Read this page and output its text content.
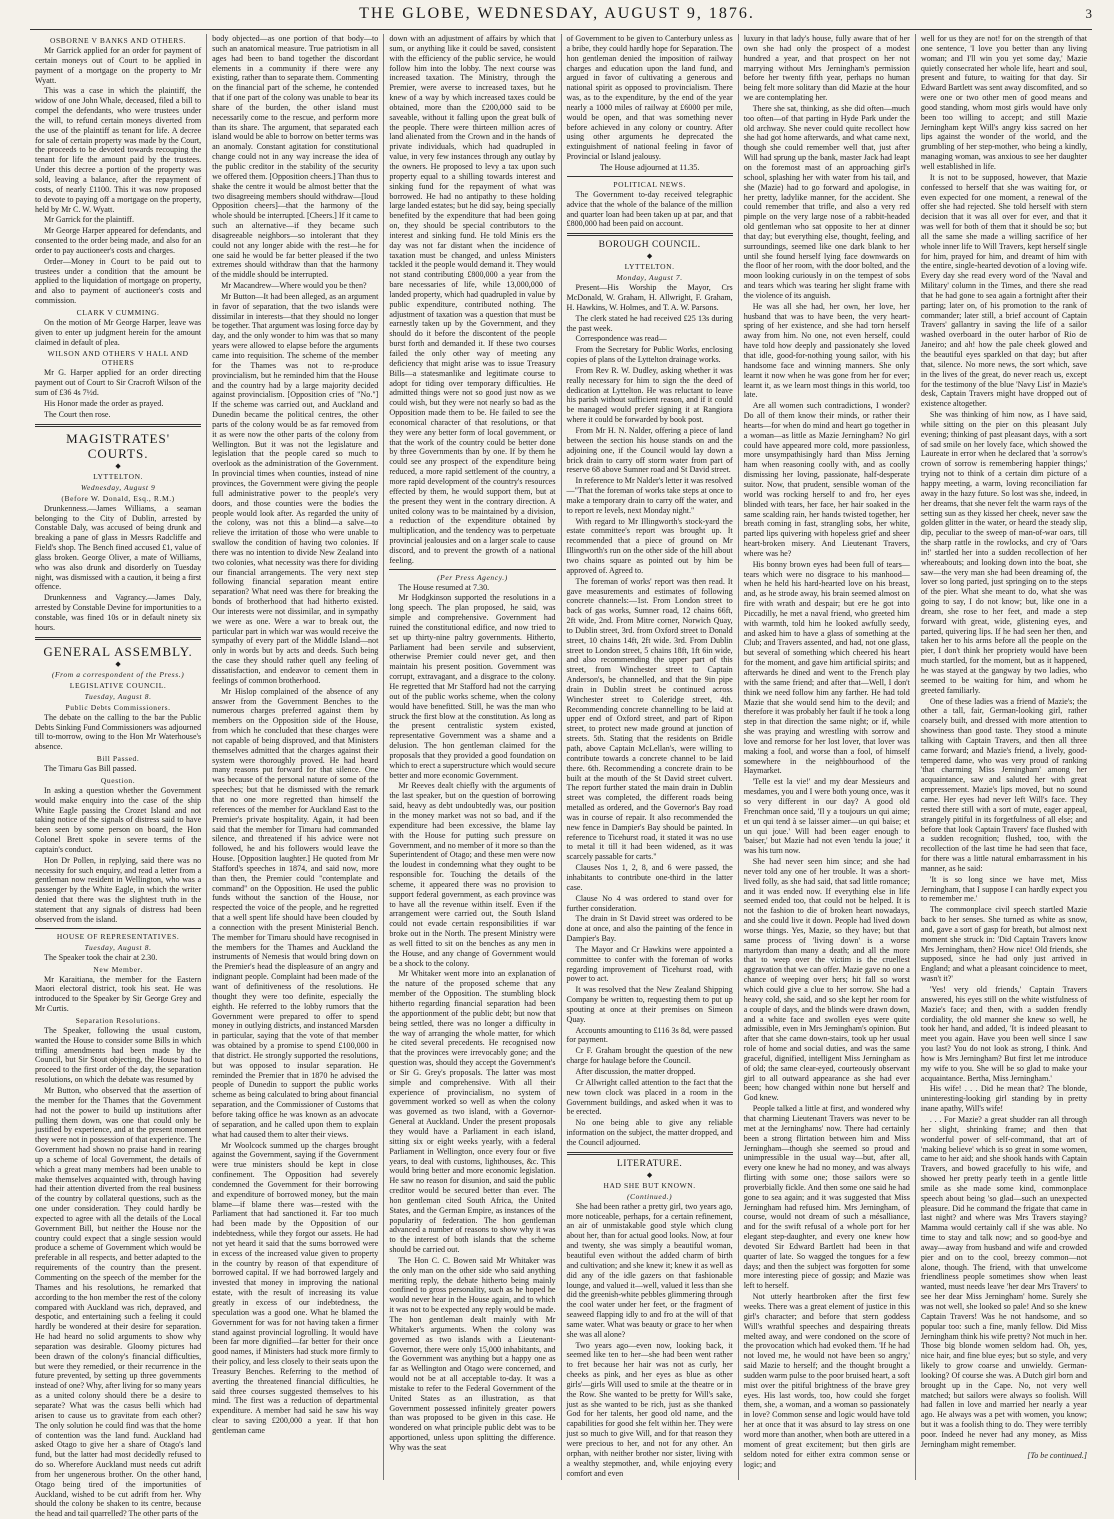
THE GLOBE, WEDNESDAY, AUGUST 9, 1876.	3
OSBORNE V BANKS AND OTHERS.

Mr Garrick applied for an order for payment of certain moneys out of Court to be applied in payment of a mortgage on the property to Mr Wyatt.

This was a case in which the plaintiff, the widow of one John Whale, deceased, filed a bill to compel the defendants, who were trustees under the will, to refund certain moneys diverted from the use of the plaintiff as tenant for life. A decree for sale of certain property was made by the Court, the proceeds to be devoted towards recouping the tenant for life the amount paid by the trustees. Under this decree a portion of the property was sold, leaving a balance, after the repayment of costs, of nearly £1100. This it was now proposed to devote to paying off a mortgage on the property, held by Mr C. W. Wyatt.

Mr Garrick for the plaintiff.

Mr George Harper appeared for defendants, and consented to the order being made, and also for an order to pay auctioneer's costs and charges.

Order—Money in Court to be paid out to trustees under a condition that the amount be applied to the liquidation of mortgage on property, and also to payment of auctioneer's costs and commission.

CLARK V CUMMING.

On the motion of Mr George Harper, leave was given to enter up judgment herein for the amount claimed in default of plea.

WILSON AND OTHERS V HALL AND OTHERS

Mr G. Harper applied for an order directing payment out of Court to Sir Cracroft Wilson of the sum of £36 4s 7½d.

His Honor made the order as prayed.

The Court then rose.

MAGISTRATES' COURTS.
◆
LYTTELTON.
Wednesday, August 9
(Before W. Donald, Esq., R.M.)

Drunkenness.—James Williams, a seaman belonging to the City of Dublin, arrested by Constable Daly, was accused of being drunk and breaking a pane of glass in Messrs Radcliffe and Field's shop. The Bench fined accused £1, value of glass broken. George Oliver, a mate of Williams, who was also drunk and disorderly on Tuesday night, was dismissed with a caution, it being a first offence.

Drunkenness and Vagrancy.—James Daly, arrested by Constable Devine for importunities to a constable, was fined 10s or in default ninety six hours.

GENERAL ASSEMBLY.
◆
(From a correspondent of the Press.)
LEGISLATIVE COUNCIL.
Tuesday, August 8.
Public Debts Commissioners.

The debate on the calling to the bar the Public Debts Sinking Fund Commissioners was adjourned till to-morrow, owing to the Hon Mr Waterhouse's absence.

Bill Passed.

The Timaru Gas Bill passed.

Question.

In asking a question whether the Government would make enquiry into the case of the ship White Eagle passing the Crozet Island and not taking notice of the signals of distress said to have been seen by some person on board, the Hon Colonel Brett spoke in severe terms of the captain's conduct.

Hon Dr Pollen, in replying, said there was no necessity for such enquiry, and read a letter from a gentleman now resident in Wellington, who was a passenger by the White Eagle, in which the writer denied that there was the slightest truth in the statement that any signals of distress had been observed from the island.

HOUSE OF REPRESENTATIVES.
Tuesday, August 8.

The Speaker took the chair at 2.30.

New Member.

Mr Karaitiana, the member for the Eastern Maori electoral district, took his seat. He was introduced to the Speaker by Sir George Grey and Mr Curtis.

Separation Resolutions.

The Speaker, following the usual custom, wanted the House to consider some Bills in which trifling amendments had been made by the Council, but Sir Stout objecting, the House had to proceed to the first order of the day, the separation resolutions, on which the debate was resumed by

Mr Button, who observed that the assertion of the member for the Thames that the Government had not the power to build up institutions after pulling them down, was one that could only be justified by experience, and at the present moment they were not in possession of that experience. The Government had shown no praise hand in rearing up a scheme of local Government, the details of which a great many members had been unable to make themselves acquainted with, through having had their attention diverted from the real business of the country by collateral questions, such as the one under consideration. They could hardly be expected to agree with all the details of the Local Government Bill, but neither the House nor the country could expect that a single session would produce a scheme of Government which would be preferable in all respects, and better adapted to the requirements of the country than the present. Commenting on the speech of the member for the Thames and his resolutions, he remarked that according to the hon member the rest of the colony compared with Auckland was rich, depraved, and despotic, and entertaining such a feeling it could hardly be wondered at their desire for separation. He had heard no solid arguments to show why separation was desirable. Gloomy pictures had been drawn of the colony's financial difficulties, but were they remedied, or their recurrence in the future prevented, by setting up three governments instead of one? Why, after living for so many years as a united colony should there be a desire to separate? What was the casus belli which had arisen to cause us to gravitate from each other? The only solution he could find was that the home of contention was the land fund. Auckland had asked Otago to give her a share of Otago's land fund, but the latter had most decidedly refused to do so. Wherefore Auckland must needs cut adrift from her ungenerous brother. On the other hand, Otago being tired of the importunities of Auckland, wished to be cut adrift from her. Why should the colony be shaken to its centre, because the head and tail quarrelled? The other parts of the

body objected—as one portion of that body—to such an anatomical measure. True patriotism in all ages had been to band together the discordant elements in a community if there were any existing, rather than to separate them. Commenting on the financial part of the scheme, he contended that if one part of the colony was unable to bear its share of the burden, the other island must necessarily come to the rescue, and perform more than its share. The argument, that separated each island would be able to borrow on better terms was an anomaly. Constant agitation for constitutional change could not in any way increase the idea of the public creditor in the stability of the security we offered them. [Opposition cheers.] Than thus to shake the centre it would be almost better that the two disagreeing members should withdraw—[loud Opposition cheers]—that the harmony of the whole should be interrupted. [Cheers.] If it came to such an alternative—if they became such disagreeable neighbors—so intolerant that they could not any longer abide with the rest—he for one said he would be far better pleased if the two extremes should withdraw than that the harmony of the middle should be interrupted.

Mr Macandrew—Where would you be then?

Mr Button—It had been alleged, as an argument in favor of separation, that the two islands were dissimilar in interests—that they should no longer be together. That argument was losing force day by day, and the only wonder to him was that so many years were allowed to elapse before the arguments came into requisition. The scheme of the member for the Thames was not to re-produce provincialism, but he reminded him that the House and the country had by a large majority decided against provincialism. [Opposition cries of "No."] If the scheme was carried out, and Auckland and Dunedin became the political centres, the other parts of the colony would be as far removed from it as were now the other parts of the colony from Wellington. But it was not the legislature and legislation that the people cared so much to overlook as the administration of the Government. In provincial times when counties, instead of nine provinces, the Government were giving the people full administrative power to the people's very doors, and those counties were the bodies the people would look after. As regarded the unity of the colony, was not this a blind—a salve—to relieve the irritation of those who were unable to swallow the condition of having two colonies. If there was no intention to divide New Zealand into two colonies, what necessity was there for dividing our financial arrangements. The very next step following financial separation meant entire separation? What need was there for breaking the bonds of brotherhood that had hitherto existed. Our interests were not dissimilar, and in sympathy we were as one. Were a war to break out, the particular part in which war was would receive the sympathy of every part of the Middle Island—not only in words but by acts and deeds. Such being the case they should rather quell any feeling of dissatisfaction, and endeavor to cement them in feelings of common brotherhood.

Mr Hislop complained of the absence of any answer from the Government Benches to the numerous charges preferred against them by members on the Opposition side of the House, from which he concluded that these charges were not capable of being disproved, and that Ministers themselves admitted that the charges against their system were thoroughly proved. He had heard many reasons put forward for that silence. One was because of the personal nature of some of the speeches; but that he dismissed with the remark that no one more regretted than himself the references of the member for Auckland East to the Premier's private hospitality. Again, it had been said that the member for Timaru had commanded silence, and threatened if his advice were not followed, he and his followers would leave the House. [Opposition laughter.] He quoted from Mr Stafford's speeches in 1874, and said now, more than then, the Premier could "contemplate and command" on the Opposition. He used the public funds without the sanction of the House, nor respected the voice of the people, and he regretted that a well spent life should have been clouded by a connection with the present Ministerial Bench. The member for Timaru should have recognised in the members for the Thames and Auckland the instruments of Nemesis that would bring down on the Premier's head the displeasure of an angry and indignant people. Complaint had been made of the want of definitiveness of the resolutions. He thought they were too definite, especially the eighth. He referred to the lobby rumors that the Government were prepared to offer to spend money in outlying districts, and instanced Marsden in particular, saying that the vote of that member was obtained by a promise to spend £100,000 in that district. He strongly supported the resolutions, but was opposed to insular separation. He reminded the Premier that in 1870 he advised the people of Dunedin to support the public works scheme as being calculated to bring about financial separation, and the Commissioner of Customs that before taking office he was known as an advocate of separation, and he called upon them to explain what had caused them to alter their views.

Mr Woolcock summed up the charges brought against the Government, saying if the Government were true ministers should be kept in close confinement. The Opposition had severely condemned the Government for their borrowing and expenditure of borrowed money, but the main blame—if blame there was—rested with the Parliament that had sanctioned it. Far too much had been made by the Opposition of our indebtedness, while they forgot our assets. He had not yet heard it said that the sums borrowed were in excess of the increased value given to property in the country by reason of that expenditure of borrowed capital. If we had borrowed largely and invested that money in improving the national estate, with the result of increasing its value greatly in excess of our indebtedness, the speculation was a good one. What he blamed the Government for was for not having taken a firmer stand against provincial logrolling. It would have been far more dignified—far better for their once good names, if Ministers had stuck more firmly to their policy, and less closely to their seats upon the Treasury Benches. Referring to the method of averting the threatened financial difficulties, he said three courses suggested themselves to his mind. The first was a reduction of departmental expenditure. A member had said he saw his way clear to saving £200,000 a year. If that hon gentleman came

down with an adjustment of affairs by which that sum, or anything like it could be saved, consistent with the efficiency of the public service, he would follow him into the lobby. The next course was increased taxation. The Ministry, through the Premier, were averse to increased taxes, but he knew of a way by which increased taxes could be obtained, more than the £200,000 said to be saveable, without it falling upon the great bulk of the people. There were thirteen million acres of land alienated from the Crown and in the hands of private individuals, which had quadrupled in value, in very few instances through any outlay by the owners. He proposed to levy a tax upon such property equal to a shilling towards interest and sinking fund for the repayment of what was borrowed. He had no antipathy to these holding large landed estates; but he did say, being specially benefited by the expenditure that had been going on, they should be special contributors to the interest and sinking fund. He told Minis ers the day was not far distant when the incidence of taxation must be changed, and unless Ministers tackled it the people would demand it. They would not stand contributing £800,000 a year from the bare necessaries of life, while 13,000,000 of landed property, which had quadrupled in value by public expenditure, contributed nothing. The adjustment of taxation was a question that must be earnestly taken up by the Government, and they should do it before the discontent of the people burst forth and demanded it. If these two courses failed the only other way of meeting any deficiency that might arise was to issue Treasury Bills—a statesmanlike and legitimate course to adopt for tiding over temporary difficulties. He admitted things were not so good just now as we could wish, but they were not nearly so bad as the Opposition made them to be. He failed to see the economical character of that resolutions, or that they were any better form of local government, or that the work of the country could be better done by three Governments than by one. If by them he could see any prospect of the expenditure being reduced, a more rapid settlement of the country, a more rapid development of the country's resources effected by them, he would support them, but at the present they went in the contrary direction. A united colony was to be maintained by a division, a reduction of the expenditure obtained by multiplication, and the tendency was to perpetuate provincial jealousies and on a larger scale to cause discord, and to prevent the growth of a national feeling.

(Per Press Agency.)

The House resumed at 7.30.

Mr Hodgkinson supported the resolutions in a long speech. The plan proposed, he said, was simple and comprehensive. Government had ruined the constitutional edifice, and now tried to set up thirty-nine paltry governments. Hitherto, Parliament had been servile and subservient, otherwise Premier could never get, and then maintain his present position. Government was corrupt, extravagant, and a disgrace to the colony. He regretted that Mr Stafford had not the carrying out of the public works scheme, when the colony would have benefitted. Still, he was the man who struck the first blow at the constitution. As long as the present centralistic system existed, representative Government was a shame and a delusion. The hon gentleman claimed for the proposals that they provided a good foundation on which to erect a superstructure which would secure better and more economic Government.

Mr Reeves dealt chiefly with the arguments of the last speaker, but on the question of borrowing said, heavy as debt undoubtedly was, our position in the money market was not so bad, and if the expenditure had been excessive, the blame lay with the House for putting such pressure on Government, and no member of it more so than the Superintendent of Otago; and these men were now the loudest in condemning what they ought to be responsible for. Touching the details of the scheme, it appeared there was no provision to support federal government, as each province was to have all the revenue within itself. Even if the arrangement were carried out, the South Island could not evade certain responsibilities if war broke out in the North. The present Ministry were as well fitted to sit on the benches as any men in the House, and any change of Government would be a shock to the colony.

Mr Whitaker went more into an explanation of the nature of the proposed scheme that any member of the Opposition. The stumbling block hitherto regarding financial separation had been the apportionment of the public debt; but now that being settled, there was no longer a difficulty in the way of arranging the whole matter, for which he cited several precedents. He recognised now that the provinces were irrevocably gone; and the question was, should they accept the Government's or Sir G. Grey's proposals. The latter was most simple and comprehensive. With all their experience of provincialism, no system of government worked so well as when the colony was governed as two island, with a Governor-General at Auckland. Under the present proposals they would have a Parliament in each island, sitting six or eight weeks yearly, with a federal Parliament in Wellington, once every four or five years, to deal with customs, lighthouses, &c. This would bring better and more economic legislation. He saw no reason for disunion, and said the public creditor would be secured better than ever. The hon gentleman cited South Africa, the United States, and the German Empire, as instances of the popularity of federation. The hon gentleman advanced a number of reasons to show why it was to the interest of both islands that the scheme should be carried out.

The Hon C. C. Bowen said Mr Whitaker was the only man on the other side who said anything meriting reply, the debate hitherto being mainly confined to gross personality, such as he hoped he would never hear in the House again, and to which it was not to be expected any reply would be made. The hon gentleman dealt mainly with Mr Whitaker's arguments. When the colony was governed as two islands with a Lieutenant-Governor, there were only 15,000 inhabitants, and the Government was anything but a happy one as far as Wellington and Otago were concerned, and would not be at all acceptable to-day. It was a mistake to refer to the Federal Government of the United States as an illustration, as that Government possessed infinitely greater powers than was proposed to be given in this case. He wondered on what principle public debt was to be apportioned, unless upon splitting the difference. Why was the seat

of Government to be given to Canterbury unless as a bribe, they could hardly hope for Separation. The hon gentleman denied the imposition of railway charges and education upon the land fund, and argued in favor of cultivating a generous and national spirit as opposed to provincialism. There was, as to the expenditure, by the end of the year nearly a 1000 miles of railway at £6000 per mile, would be open, and that was something never before achieved in any colony or country. After using other arguments he deprecated the extinguishment of national feeling in favor of Provincial or Island jealousy.

The House adjourned at 11.35.

POLITICAL NEWS.

The Government to-day received telegraphic advice that the whole of the balance of the million and quarter loan had been taken up at par, and that £800,000 had been paid on account.

BOROUGH COUNCIL.
◆
LYTTELTON.
Monday, August 7.

Present—His Worship the Mayor, Crs McDonald, W. Graham, H. Allwright, F. Graham, H. Hawkins, W. Holmes, and T. A. W. Parsons.

The clerk stated he had received £25 13s during the past week.

Correspondence was read—

From the Secretary for Public Works, enclosing copies of plans of the Lyttelton drainage works.

From Rev R. W. Dudley, asking whether it was really necessary for him to sign the the deed of dedication at Lyttelton. He was reluctant to leave his parish without sufficient reason, and if it could be managed would prefer signing it at Rangiora where it could be forwarded by book post.

From Mr H. N. Nalder, offering a piece of land between the section his house stands on and the adjoining one, if the Council would lay down a brick drain to carry off storm water from part of reserve 68 above Sumner road and St David street.

In reference to Mr Nalder's letter it was resolved—"That the foreman of works take steps at once to make a temporary drain to carry off the water, and to report re levels, next Monday night."

With regard to Mr Illingworth's stock-yard the estate committee's report was brought up. It recommended that a piece of ground on Mr Illingworth's run on the other side of the hill about two chains square as pointed out by him be approved of. Agreed to.

The foreman of works' report was then read. It gave measurements and estimates of following concrete channels:—1st. From London street to back of gas works, Sumner road, 12 chains 66ft, 2ft wide, 2nd. From Mitre corner, Norwich Quay, to Dublin street, 3rd. from Oxford street to Donald street, 10 chains 14ft, 2ft wide. 3rd. From Dublin street to London street, 5 chains 18ft, 1ft 6in wide, and also recommending the upper part of this street, from Winchester street to Captain Anderson's, be channelled, and that the 9in pipe drain in Dublin street be continued across Winchester street to Coleridge street, 4th. Recommending concrete channelling to be laid at upper end of Oxford street, and part of Ripon street, to protect new made ground at junction of streets. 5th. Stating that the residents on Bridle path, above Captain McLellan's, were willing to contribute towards a concrete channel to be laid there. 6th. Recommending a concrete drain to be built at the mouth of the St David street culvert. The report further stated the main drain in Dublin street was completed, the different roads being metalled as ordered, and the Governor's Bay road was in course of repair. It also recommended the new fence in Dampier's Bay should be painted. In reference to Ticehurst road, it stated it was no use to metal it till it had been widened, as it was scarcely passable for carts."

Clauses Nos 1, 2, 8, and 6 were passed, the inhabitants to contribute one-third in the latter case.

Clause No 4 was ordered to stand over for further consideration.

The drain in St David street was ordered to be done at once, and also the painting of the fence in Dampier's Bay.

The Mayor and Cr Hawkins were appointed a committee to confer with the foreman of works regarding improvement of Ticehurst road, with power to act.

It was resolved that the New Zealand Shipping Company be written to, requesting them to put up spouting at once at their premises on Simeon Quay.

Accounts amounting to £116 3s 8d, were passed for payment.

Cr F. Graham brought the question of the new charge for haulage before the Council.

After discussion, the matter dropped.

Cr Allwright called attention to the fact that the new town clock was placed in a room in the Government buildings, and asked when it was to be erected.

No one being able to give any reliable information on the subject, the matter dropped, and the Council adjourned.

LITERATURE.
◆
HAD SHE BUT KNOWN.
(Continued.)

She had been rather a pretty girl, two years ago, more noticeable, perhaps, for a certain refinement, an air of unmistakable good style which clung about her, than for actual good looks. Now, at four and twenty, she was simply a beautiful woman, beautiful even without the added charm of birth and cultivation; and she knew it; knew it as well as did any of the idle gazers on that fashionable lounge, and valued it—well, valued it less than she did the greenish-white pebbles glimmering through the cool water under her feet, or the fragment of seaweed flapping idly to and fro at the will of that same water. What was beauty or grace to her when she was all alone?

Two years ago—even now, looking back, it seemed like ten to her—she had been went rather to fret because her hair was not as curly, her cheeks as pink, and her eyes as blue as other girls'—girls Will used to smile at the theatre or in the Row. She wanted to be pretty for Will's sake, just as she wanted to be rich, just as she thanked God for her talents, her good old name, and the capabilities for good she felt within her. They were just so much to give Will, and for that reason they were precious to her, and not for any other. An orphan, with neither brother nor sister, living with a wealthy stepmother, and, while enjoying every comfort and even

luxury in that lady's house, fully aware that of her own she had only the prospect of a modest hundred a year, and that prospect on her not marrying without Mrs Jerningham's permission before her twenty fifth year, perhaps no human being felt more solitary than did Mazie at the hour we are contemplating her.

There she sat, thinking, as she did often—much too often—of that parting in Hyde Park under the old archway. She never could quite recollect how she had got home afterwards, and what came next, though she could remember well that, just after Will had sprung up the bank, master Jack had leapt on the foremost mast of an approaching girl's school, splashing her with water from his tail, and she (Mazie) had to go forward and apologise, in her pretty, ladylike manner, for the accident. She could remember that trifle, and also a very red pimple on the very large nose of a rabbit-headed old gentleman who sat opposite to her at dinner that day; but everything else, thought, feeling, and surroundings, seemed like one dark blank to her until she found herself lying face downwards on the floor of her room, with the door bolted, and the moon looking curiously in on the tempest of sobs and tears which was tearing her slight frame with the violence of its anguish.

He was all she had, her own, her love, her husband that was to have been, the very heart-spring of her existence, and she had torn herself away from him. No one, not even herself, could have told how deeply and passionately she loved that idle, good-for-nothing young sailor, with his handsome face and winning manners. She only learnt it now when he was gone from her for ever; learnt it, as we learn most things in this world, too late.

Are all women such contradictions, I wonder? Do all of them know their minds, or rather their hearts—for when do mind and heart go together in a woman—as little as Mazie Jerningham? No girl could have appeared more cold, more passionless, more unsympathisingly hard than Miss Jerning ham when reasoning coolly with, and as coolly dismissing her loving, passionate, half-desperate suitor. Now, that prudent, sensible woman of the world was rocking herself to and fro, her eyes blinded with tears, her face, her hair soaked in the same scalding rain, her hands twisted together, her breath coming in fast, strangling sobs, her white, parted lips quivering with hopeless grief and sheer heart-broken misery. And Lieutenant Travers, where was he?

His bonny brown eyes had been full of tears—tears which were no disgrace to his manhood—when he held his hard-hearted love on his breast, and, as he strode away, his brain seemed almost on fire with wrath and despair; but ere he got into Piccadilly, he met a naval friend, who greeted him with warmth, told him he looked awfully seedy, and asked him to have a glass of something at the Club; and Travers assented, and had, not one glass, but several of something which cheered his heart for the moment, and gave him artificial spirits; and afterwards he dined and went to the French play with the same friend; and after that—Well, I don't think we need follow him any farther. He had told Mazie that she would send him to the devil; and therefore it was probably her fault if he took a long step in that direction the same night; or if, while she was praying and wrestling with sorrow and love and remorse for her lost lover, that lover was making a fool, and worse than a fool, of himself somewhere in the neighbourhood of the Haymarket.

'Telle est la vie!' and my dear Messieurs and mesdames, you and I were both young once, was it so very different in our day? A good old Frenchman once said, 'Il y a toujours un qui aime; et un qui tend à se laisser aimer—un qui baise; et un qui joue.' Will had been eager enough to 'baiser,' but Mazie had not even 'tendu la joue;' it was his turn now.

She had never seen him since; and she had never told any one of her trouble. It was a short-lived folly, as she had said, that sad little romance; and it was ended now. If everything else in life seemed ended too, that could not be helped. It is not the fashion to die of broken heart nowadays, and she could live it down. People had lived down worse things. Yes, Mazie, so they have; but that same process of 'living down' is a worse martyrdom than many a death; and all the more that to weep over the victim is the cruellest aggravation that we can offer. Mazie gave no one a chance of weeping over hers; hit fall so worst which could give a clue to her sorrow. She had a heavy cold, she said, and so she kept her room for a couple of days, and the blinds were drawn down, and a white face and swollen eyes were quite admissible, even in Mrs Jerningham's opinion. But after that she came down-stairs, took up her usual role of home and social duties, and was the same graceful, dignified, intelligent Miss Jerningham as of old; the same clear-eyed, courteously observant girl to all outward appearance as she had ever been; how changed within none but herself and God knew.

People talked a little at first, and wondered why that charming Lieutenant Travers was never to be met at the Jerninghams' now. There had certainly been a strong flirtation between him and Miss Jerningham—though she seemed so proud and unimpressible in the usual way—but, after all, every one knew he had no money, and was always flirting with some one; those sailors were so proverbially fickle. And then some one said he had gone to sea again; and it was suggested that Miss Jerningham had refused him. Mrs Jerningham, of course, would not dream of such a mésalliance, and for the swift refusal of a whole port for her elegant step-daughter, and every one knew how devoted Sir Edward Bartlett had been in that quarter of late. So wagged the tongues for a few days; and then the subject was forgotten for some more interesting piece of gossip; and Mazie was left to herself.

Not utterly heartbroken after the first few weeks. There was a great element of justice in this girl's character; and before that stern goddess Will's wrathful speeches and despairing threats melted away, and were condoned on the score of the provocation which had evoked them. 'If he had not loved me, he would not have been so angry,' said Mazie to herself; and the thought brought a sudden warm pulse to the poor bruised heart, a soft mist over the pitiful brightness of the brave grey eyes. His last words, too, how could she forget them, she, a woman, and a woman so passionately in love? Common sense and logic would have told her at once that it was absurd to lay stress on one word more than another, when both are uttered in a moment of great excitement; but then girls are seldom noted for either extra common sense or logic; and

well for us they are not! for on the strength of that one sentence, 'I love you better than any living woman; and I'll win you yet some day,' Mazie quietly consecrated her whole life, heart and soul, present and future, to waiting for that day. Sir Edward Bartlett was sent away discomfited, and so were one or two other men of good means and good standing, whom most girls would have only been too willing to accept; and still Mazie Jerningham kept Will's angry kiss sacred on her lips against the wonder of the world, and the grumbling of her step-mother, who being a kindly, managing woman, was anxious to see her daughter well established in life.

It is not to be supposed, however, that Mazie confessed to herself that she was waiting for, or even expected for one moment, a renewal of the offer she had rejected. She told herself with stern decision that it was all over for ever, and that it was well for both of them that it should be so; but all the same she made a willing sacrifice of her whole inner life to Will Travers, kept herself single for him, prayed for him, and dreamt of him with the entire, single-hearted devotion of a loving wife. Every day she read every word of the 'Naval and Military' column in the Times, and there she read that he had gone to sea again a fortnight after their parting; later on, of his promotion to the rank of commander; later still, a brief account of Captain Travers' gallantry in saving the life of a sailor washed overboard in the outer harbor of Rio de Janeiro; and ah! how the pale cheek glowed and the beautiful eyes sparkled on that day; but after that, silence. No more news, the sort which, save in the lives of the great, do never reach us, except for the testimony of the blue 'Navy List' in Mazie's desk, Captain Travers might have dropped out of existence altogether.

She was thinking of him now, as I have said, while sitting on the pier on this pleasant July evening; thinking of past pleasant days, with a sort of sad smile on her lovely face, which showed the Laureate in error when he declared that 'a sorrow's crown of sorrow is remembering happier things;' trying not to think of a certain dim picture of a happy meeting, a warm, loving reconciliation far away in the hazy future. So lost was she, indeed, in her dreams, that she never felt the warm rays of the setting sun as they kissed her cheek, never saw the golden glitter in the water, or heard the steady slip, dip, peculiar to the sweep of man-of-war oars, till the sharp rattle in the rowlocks, and cry of 'Oars in!' startled her into a sudden recollection of her whereabouts; and looking down into the boat, she saw—the very man she had been dreaming of, the lover so long parted, just springing on to the steps of the pier. What she meant to do, what she was going to say, I do not know; but, like one in a dream, she rose to her feet, and made a step forward with great, wide, glistening eyes, and parted, quivering lips. If he had seen her then, and taken her to his arms before all the people on the pier, I don't think her propriety would have been much startled, for the moment, but as it happened, he was stayed at the gangway by two ladies, who seemed to be waiting for him, and whom he greeted familiarly.

One of these ladies was a friend of Mazie's; the other a tall, fair, German-looking girl, rather coarsely built, and dressed with more attention to showiness than good taste. They stood a minute talking with Captain Travers, and then all three came forward; and Mazie's friend, a lively, good-tempered dame, who was very proud of ranking 'that charming Miss Jerningham' among her acquaintance, saw and saluted her with great empressement. Mazie's lips moved, but no sound came. Her eyes had never left Will's face. They rested there still with a sort of mute, eager appeal, strangely pitiful in its forgetfulness of all else; and before that look Captain Travers' face flushed with a sudden recognition; flushed, too, with the recollection of the last time he had seen that face, for there was a little natural embarrassment in his manner, as he said:

'It is so long since we have met, Miss Jerningham, that I suppose I can hardly expect you to remember me.'

The commonplace civil speech startled Mazie back to her senses. She turned as white as snow, and, gave a sort of gasp for breath, but almost next moment she struck in: 'Did Captain Travers know Mrs Jerningham, then? How nice! Old friends, she supposed, since he had only just arrived in England; and what a pleasant coincidence to meet, wasn't it?'

'Yes! very old friends,' Captain Travers answered, his eyes still on the white wistfulness of Mazie's face; and then, with a sudden frendly cordiality, the old manner she knew so well, he took her hand, and added, 'It is indeed pleasant to meet you again. Have you been well since I saw you last? You do not look as strong, I think. And how is Mrs Jerningham? But first let me introduce my wife to you. She will be so glad to make your acquaintance. Bertha, Miss Jerningham.'

His wife! . . . Did he mean that? The blonde, uninteresting-looking girl standing by in pretty inane apathy, Will's wife!

. . . For Mazie? a great shudder ran all through her slight, shrinking frame; and then that wonderful power of self-command, that art of 'making believe' which is so great in some women, came to her aid; and she shook hands with Captain Travers, and bowed gracefully to his wife, and showed her pretty pearly teeth in a gentle little smile as she made some kind, commonplace speech about being 'so glad—such an unexpected pleasure. Did he command the frigate that came in last night? and where was Mrs Travers staying? Mamma would certainly call if she was able. No time to stay and talk now; and so good-bye and away—away from husband and wife and crowded pier and on to the cool, breezy common—not alone, though. The friend, with that unwelcome friendliness people sometimes show when least wanted, must needs leave 'her dear Mrs Travers' to see her dear Miss Jerningham' home. Surely she was not well, she looked so pale! And so she knew Captain Travers! Was he not handsome, and so popular too: such a fine, manly fellow. Did Miss Jerningham think his wife pretty? Not much in her. Those big blonde women seldom had. Oh, yes, nice hair, and fine blue eyes; but so style, and very likely to grow coarse and unwieldy. German-looking? Of course she was. A Dutch girl born and brought up in the Cape. No, not very well matched; but sailors were always so foolish. Will had fallen in love and married her nearly a year ago. He always was a pet with women, you know; but it was a foolish thing to do. They were terribly poor. Indeed he never had any money, as Miss Jerningham might remember.

[To be continued.]
